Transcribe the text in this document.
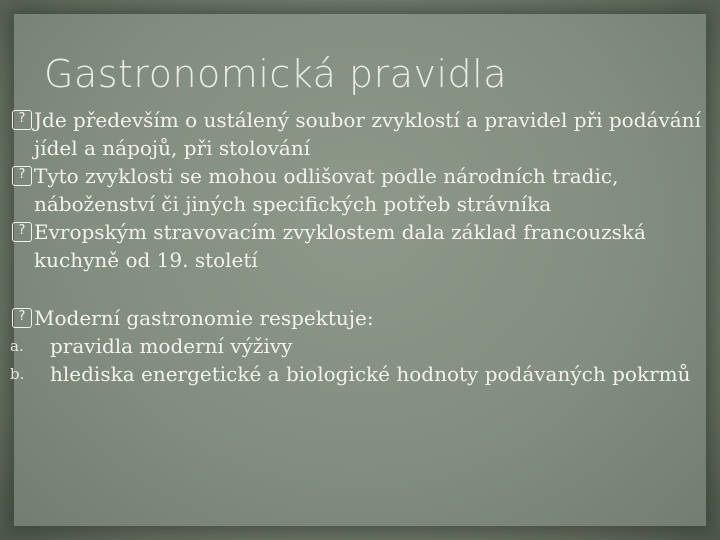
Gastronomická pravidla
? Jde především o ustálený soubor zvyklostí a pravidel při podávání jídel a nápojů, při stolování
? Tyto zvyklosti se mohou odlišovat podle národních tradic, náboženství či jiných specifických potřeb strávníka
? Evropským stravovacím zvyklostem dala základ francouzská kuchyně od 19. století
? Moderní gastronomie respektuje:
a.	pravidla moderní výživy
b.	hlediska energetické a biologické hodnoty podávaných pokrmů
